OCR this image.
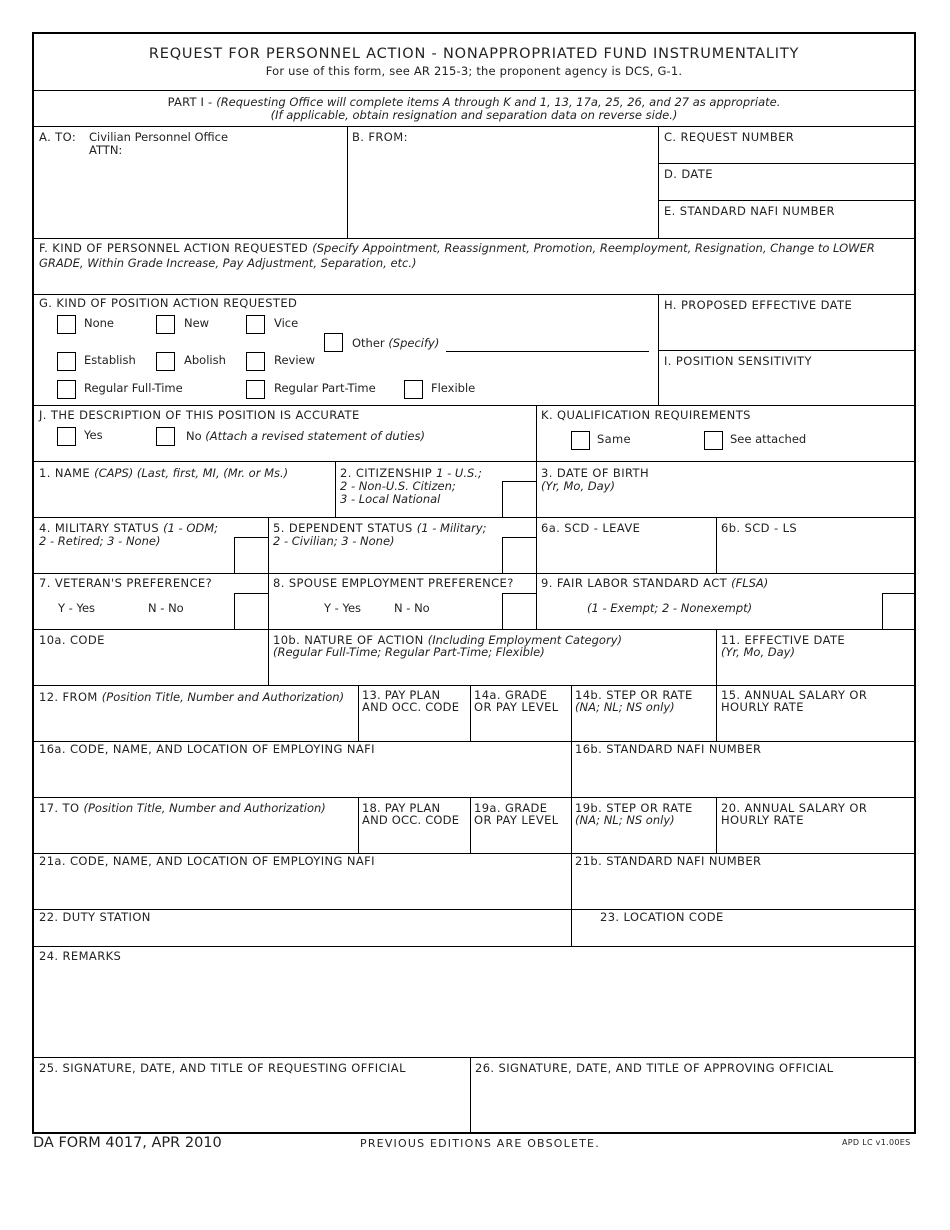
REQUEST FOR PERSONNEL ACTION - NONAPPROPRIATED FUND INSTRUMENTALITY
For use of this form, see AR 215-3; the proponent agency is DCS, G-1.
PART I - (Requesting Office will complete items A through K and 1, 13, 17a, 25, 26, and 27 as appropriate.
(If applicable, obtain resignation and separation data on reverse side.)
A. TO: Civilian Personnel Office
ATTN:
B. FROM:	C. REQUEST NUMBER
D. DATE
E. STANDARD NAFI NUMBER
F. KIND OF PERSONNEL ACTION REQUESTED (Specify Appointment, Reassignment, Promotion, Reemployment, Resignation, Change to LOWER
GRADE, Within Grade Increase, Pay Adjustment, Separation, etc.)
G. KIND OF POSITION ACTION REQUESTED
None	New	Vice
Other (Specify)
Establish	Abolish	Review
Regular Full-Time	Regular Part-Time	Flexible
H. PROPOSED EFFECTIVE DATE
I. POSITION SENSITIVITY
J. THE DESCRIPTION OF THIS POSITION IS ACCURATE
Yes	No (Attach a revised statement of duties)
K. QUALIFICATION REQUIREMENTS
Same	See attached
1. NAME (CAPS) (Last, first, MI, (Mr. or Ms.)	2. CITIZENSHIP 1 - U.S.;
2 - Non-U.S. Citizen;
3 - Local National
3. DATE OF BIRTH
(Yr, Mo, Day)
4. MILITARY STATUS (1 - ODM;
2 - Retired; 3 - None)
5. DEPENDENT STATUS (1 - Military;
2 - Civilian; 3 - None)
6a. SCD - LEAVE	6b. SCD - LS
7. VETERAN'S PREFERENCE?
Y - Yes	N - No
8. SPOUSE EMPLOYMENT PREFERENCE?
Y - Yes	N - No
9. FAIR LABOR STANDARD ACT (FLSA)
(1 - Exempt; 2 - Nonexempt)
10a. CODE	10b. NATURE OF ACTION (Including Employment Category)
(Regular Full-Time; Regular Part-Time; Flexible)
11. EFFECTIVE DATE
(Yr, Mo, Day)
12. FROM (Position Title, Number and Authorization) 13. PAY PLAN
AND OCC. CODE
14a. GRADE
OR PAY LEVEL
14b. STEP OR RATE
(NA; NL; NS only)
15. ANNUAL SALARY OR
HOURLY RATE
16a. CODE, NAME, AND LOCATION OF EMPLOYING NAFI	16b. STANDARD NAFI NUMBER
17. TO (Position Title, Number and Authorization)	18. PAY PLAN
AND OCC. CODE
19a. GRADE
OR PAY LEVEL
19b. STEP OR RATE
(NA; NL; NS only)
20. ANNUAL SALARY OR
HOURLY RATE
21a. CODE, NAME, AND LOCATION OF EMPLOYING NAFI	21b. STANDARD NAFI NUMBER
22. DUTY STATION	23. LOCATION CODE
24. REMARKS
25. SIGNATURE, DATE, AND TITLE OF REQUESTING OFFICIAL	26. SIGNATURE, DATE, AND TITLE OF APPROVING OFFICIAL
DA FORM 4017, APR 2010	PREVIOUS EDITIONS ARE OBSOLETE.	APD LC v1.00ES
